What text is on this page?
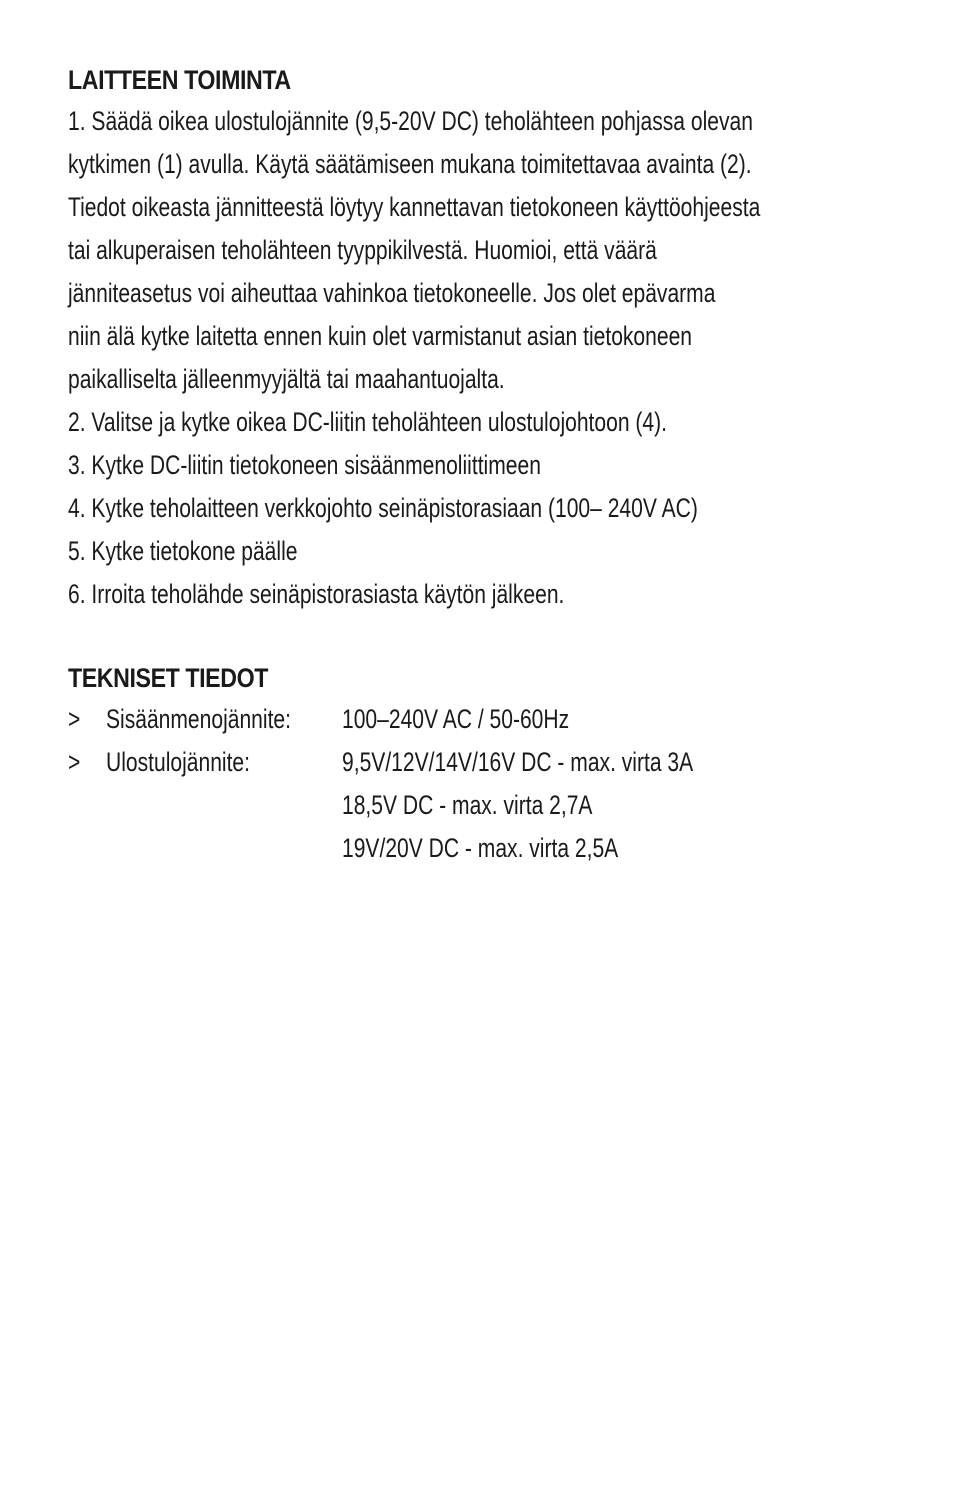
LAITTEEN TOIMINTA
1. Säädä oikea ulostulojännite (9,5-20V DC) teholähteen pohjassa olevan
kytkimen (1) avulla. Käytä säätämiseen mukana toimitettavaa avainta (2).
Tiedot oikeasta jännitteestä löytyy kannettavan tietokoneen käyttöohjeesta
tai alkuperaisen teholähteen tyyppikilvestä. Huomioi, että väärä
jänniteasetus voi aiheuttaa vahinkoa tietokoneelle. Jos olet epävarma
niin älä kytke laitetta ennen kuin olet varmistanut asian tietokoneen
paikalliselta jälleenmyyjältä tai maahantuojalta.
2. Valitse ja kytke oikea DC-liitin teholähteen ulostulojohtoon (4).
3. Kytke DC-liitin tietokoneen sisäänmenoliittimeen
4. Kytke teholaitteen verkkojohto seinäpistorasiaan (100– 240V AC)
5. Kytke tietokone päälle
6. Irroita teholähde seinäpistorasiasta käytön jälkeen.
TEKNISET TIEDOT
> Sisäänmenojännite: 100–240V AC / 50-60Hz
> Ulostulojännite:	9,5V/12V/14V/16V DC - max. virta 3A
18,5V DC - max. virta 2,7A
19V/20V DC - max. virta 2,5A
